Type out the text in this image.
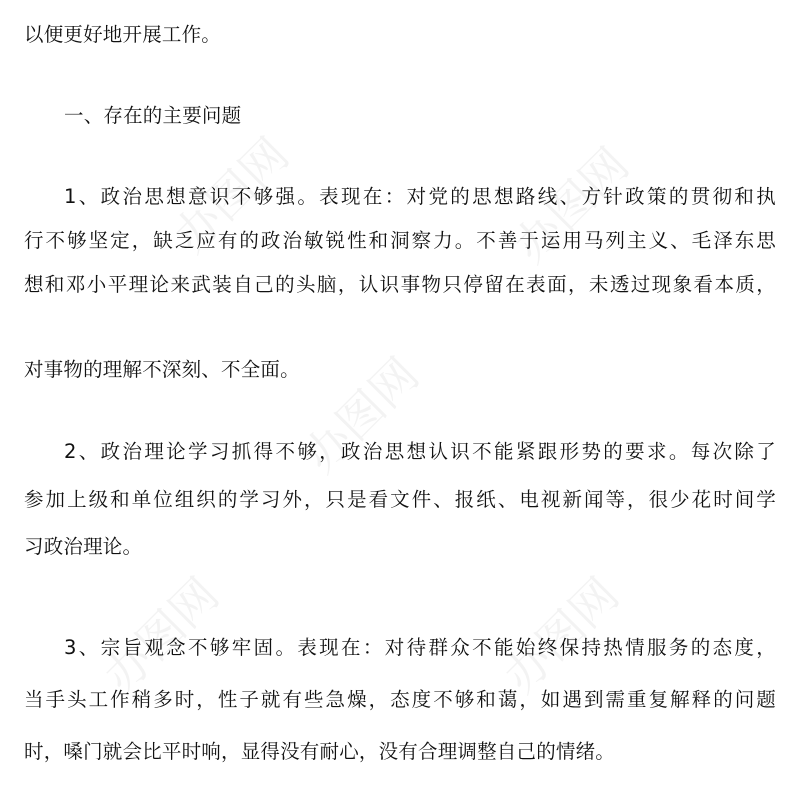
办图网	办图网
办图网
办图网	办图网
以便更好地开展工作。
一、存在的主要问题
1、政治思想意识不够强。表现在：对党的思想路线、方针政策的贯彻和执
行不够坚定，缺乏应有的政治敏锐性和洞察力。不善于运用马列主义、毛泽东思
想和邓小平理论来武装自己的头脑，认识事物只停留在表面，未透过现象看本质，
对事物的理解不深刻、不全面。
2、政治理论学习抓得不够，政治思想认识不能紧跟形势的要求。每次除了
参加上级和单位组织的学习外，只是看文件、报纸、电视新闻等，很少花时间学
习政治理论。
3、宗旨观念不够牢固。表现在：对待群众不能始终保持热情服务的态度，
当手头工作稍多时，性子就有些急燥，态度不够和蔼，如遇到需重复解释的问题
时，嗓门就会比平时响，显得没有耐心，没有合理调整自己的情绪。
